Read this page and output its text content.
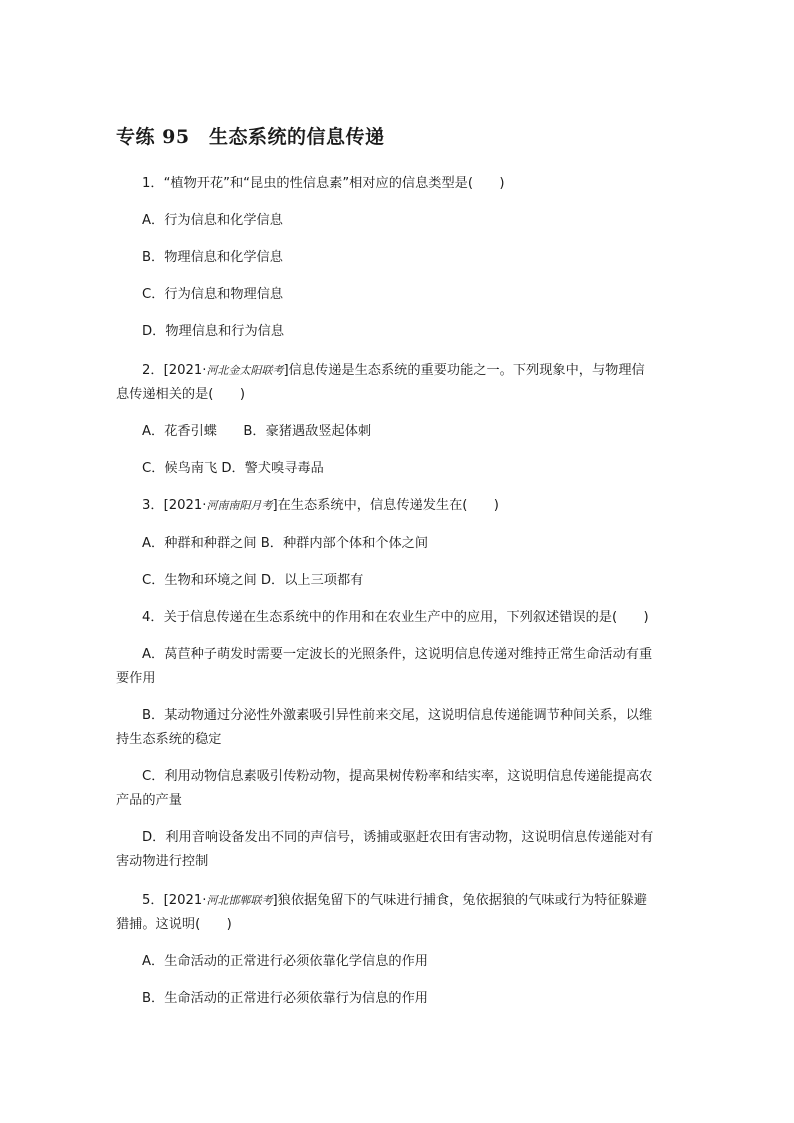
专练 95　生态系统的信息传递
1．“植物开花”和“昆虫的性信息素”相对应的信息类型是(　　)
A．行为信息和化学信息
B．物理信息和化学信息
C．行为信息和物理信息
D．物理信息和行为信息
2．[2021·河北金太阳联考]信息传递是生态系统的重要功能之一。下列现象中，与物理信
息传递相关的是(　　)
A．花香引蝶　　B．豪猪遇敌竖起体刺
C．候鸟南飞 D．警犬嗅寻毒品
3．[2021·河南南阳月考]在生态系统中，信息传递发生在(　　)
A．种群和种群之间 B．种群内部个体和个体之间
C．生物和环境之间 D．以上三项都有
4．关于信息传递在生态系统中的作用和在农业生产中的应用，下列叙述错误的是(　　)
A．莴苣种子萌发时需要一定波长的光照条件，这说明信息传递对维持正常生命活动有重
要作用
B．某动物通过分泌性外激素吸引异性前来交尾，这说明信息传递能调节种间关系，以维
持生态系统的稳定
C．利用动物信息素吸引传粉动物，提高果树传粉率和结实率，这说明信息传递能提高农
产品的产量
D．利用音响设备发出不同的声信号，诱捕或驱赶农田有害动物，这说明信息传递能对有
害动物进行控制
5．[2021·河北邯郸联考]狼依据兔留下的气味进行捕食，兔依据狼的气味或行为特征躲避
猎捕。这说明(　　)
A．生命活动的正常进行必须依靠化学信息的作用
B．生命活动的正常进行必须依靠行为信息的作用
